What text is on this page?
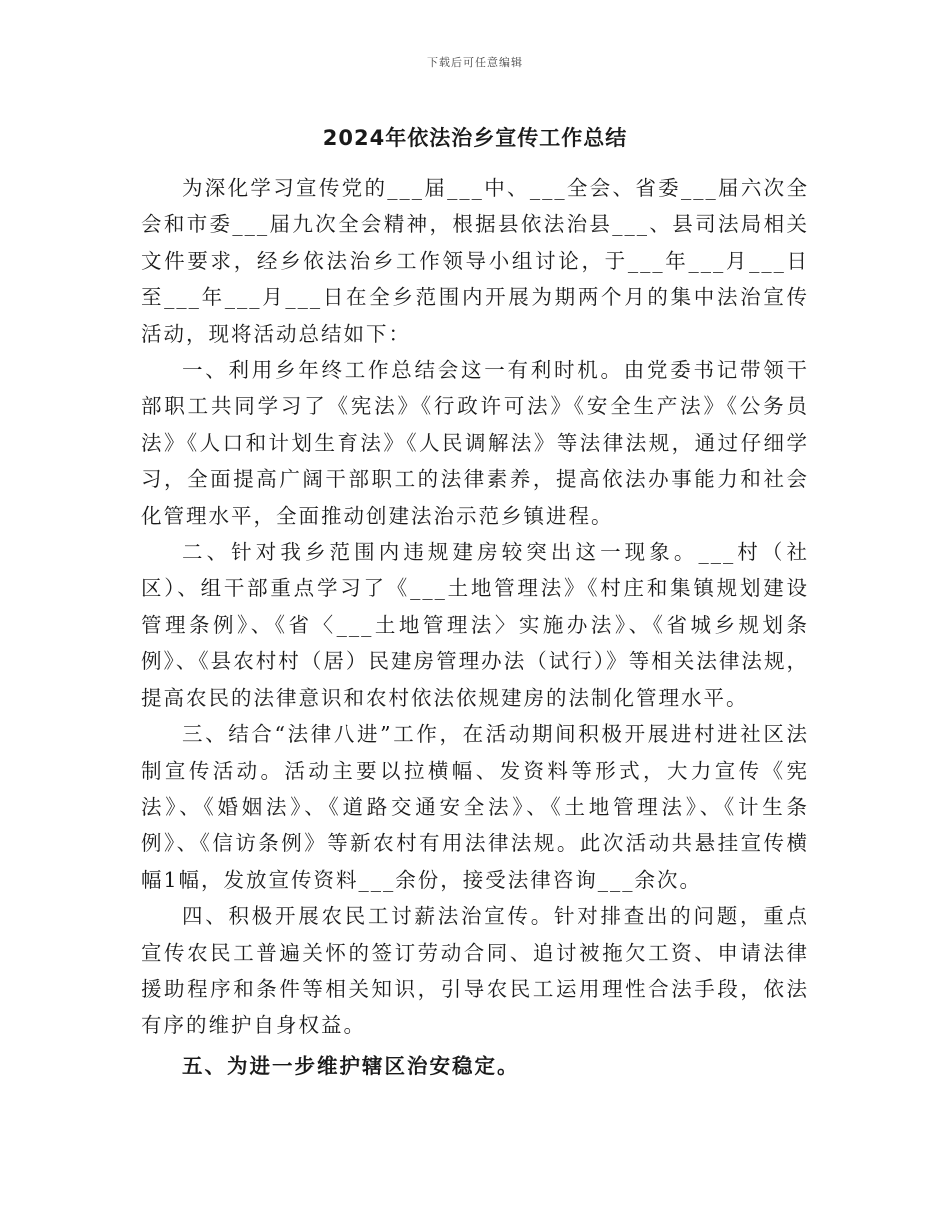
下载后可任意编辑
2024年依法治乡宣传工作总结

为深化学习宣传党的___届___中、___全会、省委___届六次全会和市委___届九次全会精神，根据县依法治县___、县司法局相关文件要求，经乡依法治乡工作领导小组讨论，于___年___月___日至___年___月___日在全乡范围内开展为期两个月的集中法治宣传活动，现将活动总结如下：

一、利用乡年终工作总结会这一有利时机。由党委书记带领干部职工共同学习了《宪法》《行政许可法》《安全生产法》《公务员法》《人口和计划生育法》《人民调解法》等法律法规，通过仔细学习，全面提高广阔干部职工的法律素养，提高依法办事能力和社会化管理水平，全面推动创建法治示范乡镇进程。

二、针对我乡范围内违规建房较突出这一现象。___村（社区）、组干部重点学习了《___土地管理法》《村庄和集镇规划建设管理条例》、《省〈___土地管理法〉实施办法》、《省城乡规划条例》、《县农村村（居）民建房管理办法（试行）》等相关法律法规，提高农民的法律意识和农村依法依规建房的法制化管理水平。

三、结合“法律八进”工作，在活动期间积极开展进村进社区法制宣传活动。活动主要以拉横幅、发资料等形式，大力宣传《宪法》、《婚姻法》、《道路交通安全法》、《土地管理法》、《计生条例》、《信访条例》等新农村有用法律法规。此次活动共悬挂宣传横幅1幅，发放宣传资料___余份，接受法律咨询___余次。

四、积极开展农民工讨薪法治宣传。针对排查出的问题，重点宣传农民工普遍关怀的签订劳动合同、追讨被拖欠工资、申请法律援助程序和条件等相关知识，引导农民工运用理性合法手段，依法有序的维护自身权益。

五、为进一步维护辖区治安稳定。
